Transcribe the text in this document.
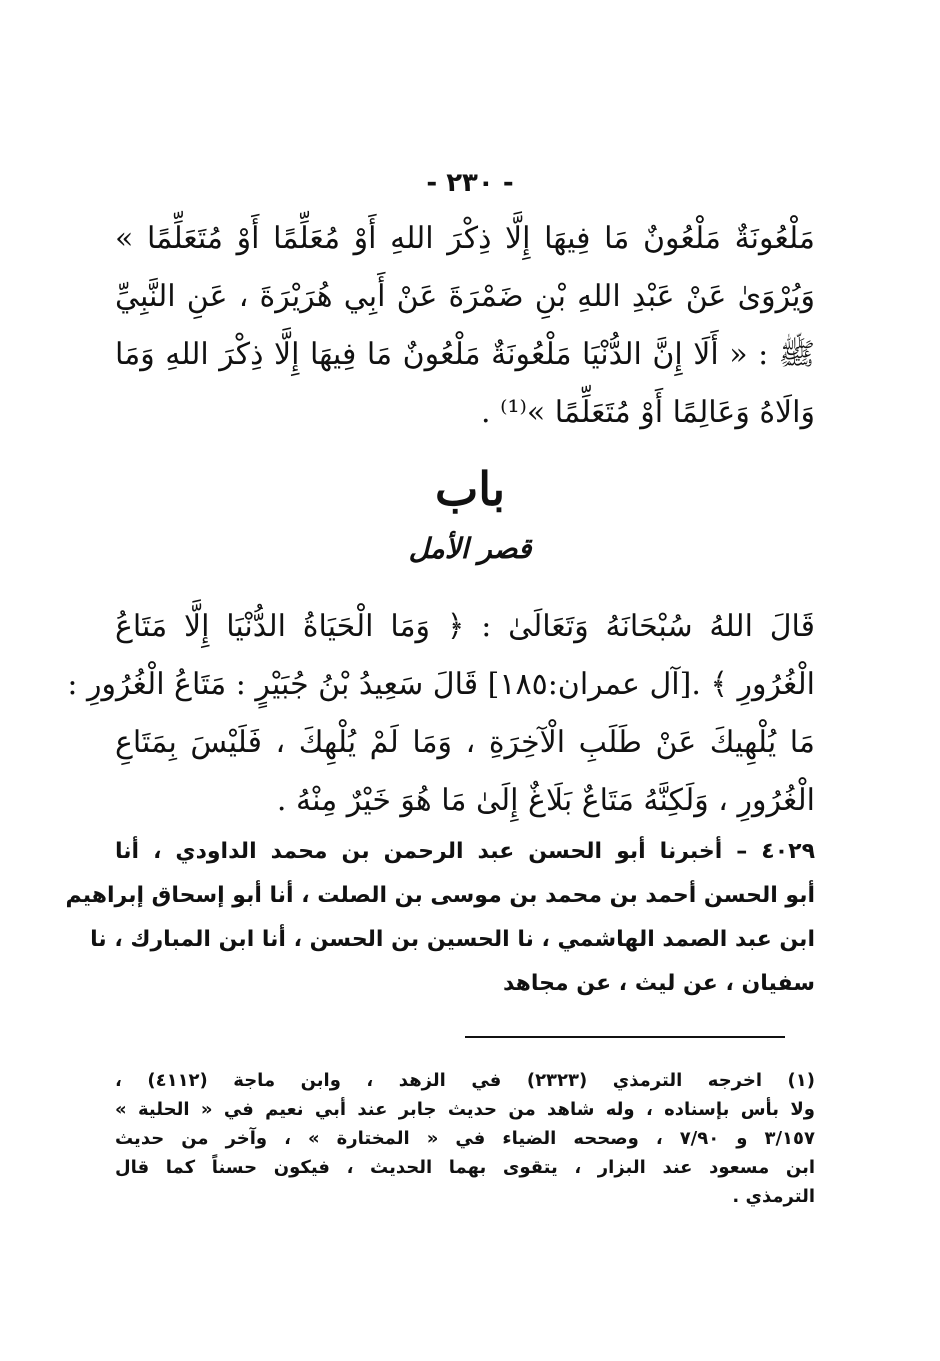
- ٢٣٠ -
مَلْعُونَةٌ مَلْعُونٌ مَا فِيهَا إِلَّا ذِكْرَ اللهِ أَوْ مُعَلِّمًا أَوْ مُتَعَلِّمًا »
وَيُرْوَىٰ عَنْ عَبْدِ اللهِ بْنِ ضَمْرَةَ عَنْ أَبِي هُرَيْرَةَ ، عَنِ النَّبِيِّ
ﷺ : « أَلَا إِنَّ الدُّنْيَا مَلْعُونَةٌ مَلْعُونٌ مَا فِيهَا إِلَّا ذِكْرَ اللهِ وَمَا
وَالَاهُ وَعَالِمًا أَوْ مُتَعَلِّمًا »⁽¹⁾ .
باب
قصر الأمل
قَالَ اللهُ سُبْحَانَهُ وَتَعَالَىٰ : ﴿ وَمَا الْحَيَاةُ الدُّنْيَا إِلَّا مَتَاعُ
الْغُرُورِ ﴾ .[آل عمران:١٨٥] قَالَ سَعِيدُ بْنُ جُبَيْرٍ : مَتَاعُ الْغُرُورِ :
مَا يُلْهِيكَ عَنْ طَلَبِ الْآخِرَةِ ، وَمَا لَمْ يُلْهِكَ ، فَلَيْسَ بِمَتَاعِ
الْغُرُورِ ، وَلَكِنَّهُ مَتَاعٌ بَلَاغٌ إِلَىٰ مَا هُوَ خَيْرٌ مِنْهُ .
٤٠٢٩ – أخبرنا أبو الحسن عبد الرحمن بن محمد الداودي ، أنا
أبو الحسن أحمد بن محمد بن موسى بن الصلت ، أنا أبو إسحاق إبراهيم
ابن عبد الصمد الهاشمي ، نا الحسين بن الحسن ، أنا ابن المبارك ، نا
سفيان ، عن ليث ، عن مجاهد
(١) اخرجه الترمذي (٢٣٢٣) في الزهد ، وابن ماجة (٤١١٢) ،
ولا بأس بإسناده ، وله شاهد من حديث جابر عند أبي نعيم في « الحلية »
٣/١٥٧ و ٧/٩٠ ، وصححه الضياء في « المختارة » ، وآخر من حديث
ابن مسعود عند البزار ، يتقوى بهما الحديث ، فيكون حسناً كما قال
الترمذي .
